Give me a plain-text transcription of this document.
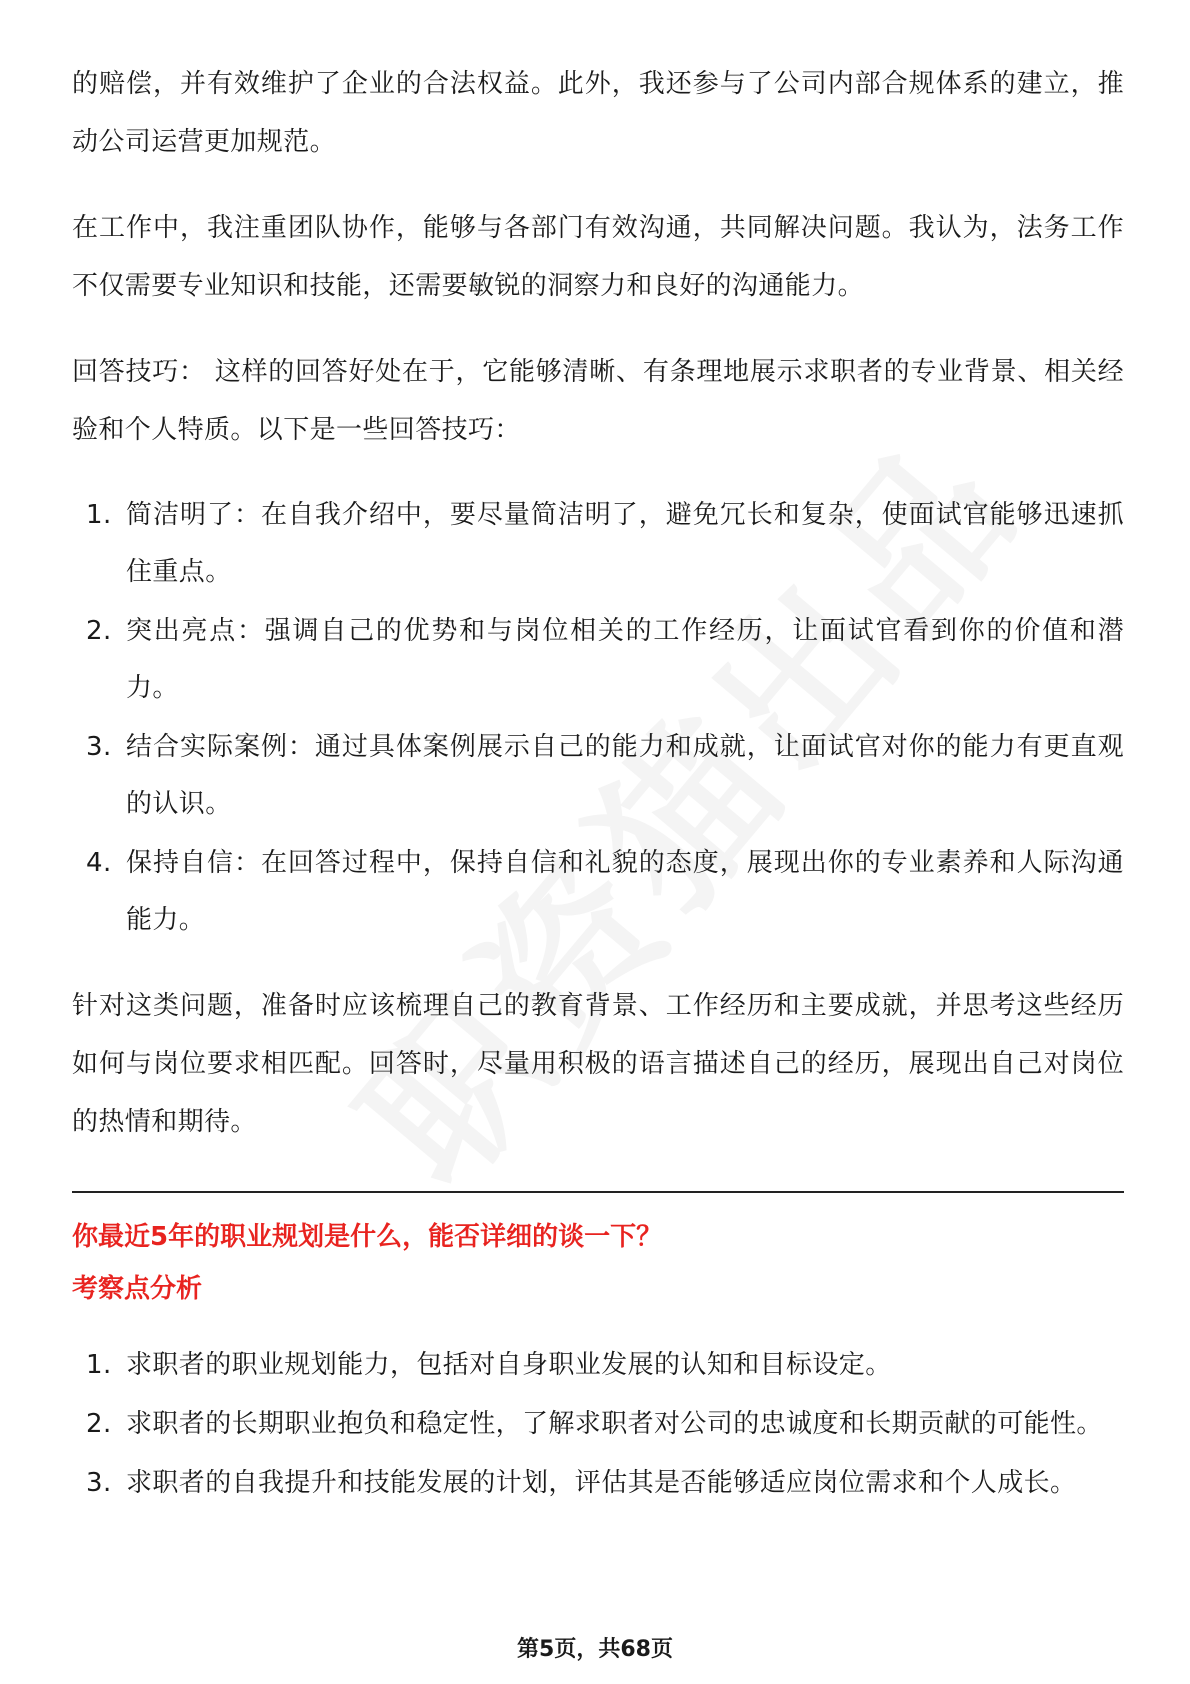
的赔偿，并有效维护了企业的合法权益。此外，我还参与了公司内部合规体系的建立，推动公司运营更加规范。

在工作中，我注重团队协作，能够与各部门有效沟通，共同解决问题。我认为，法务工作不仅需要专业知识和技能，还需要敏锐的洞察力和良好的沟通能力。

回答技巧： 这样的回答好处在于，它能够清晰、有条理地展示求职者的专业背景、相关经验和个人特质。以下是一些回答技巧：

1. 简洁明了：在自我介绍中，要尽量简洁明了，避免冗长和复杂，使面试官能够迅速抓住重点。
2. 突出亮点：强调自己的优势和与岗位相关的工作经历，让面试官看到你的价值和潜力。
3. 结合实际案例：通过具体案例展示自己的能力和成就，让面试官对你的能力有更直观的认识。
4. 保持自信：在回答过程中，保持自信和礼貌的态度，展现出你的专业素养和人际沟通能力。

针对这类问题，准备时应该梳理自己的教育背景、工作经历和主要成就，并思考这些经历如何与岗位要求相匹配。回答时，尽量用积极的语言描述自己的经历，展现出自己对岗位的热情和期待。

你最近5年的职业规划是什么，能否详细的谈一下？

考察点分析

1. 求职者的职业规划能力，包括对自身职业发展的认知和目标设定。
2. 求职者的长期职业抱负和稳定性，了解求职者对公司的忠诚度和长期贡献的可能性。
3. 求职者的自我提升和技能发展的计划，评估其是否能够适应岗位需求和个人成长。
第5页，共68页
